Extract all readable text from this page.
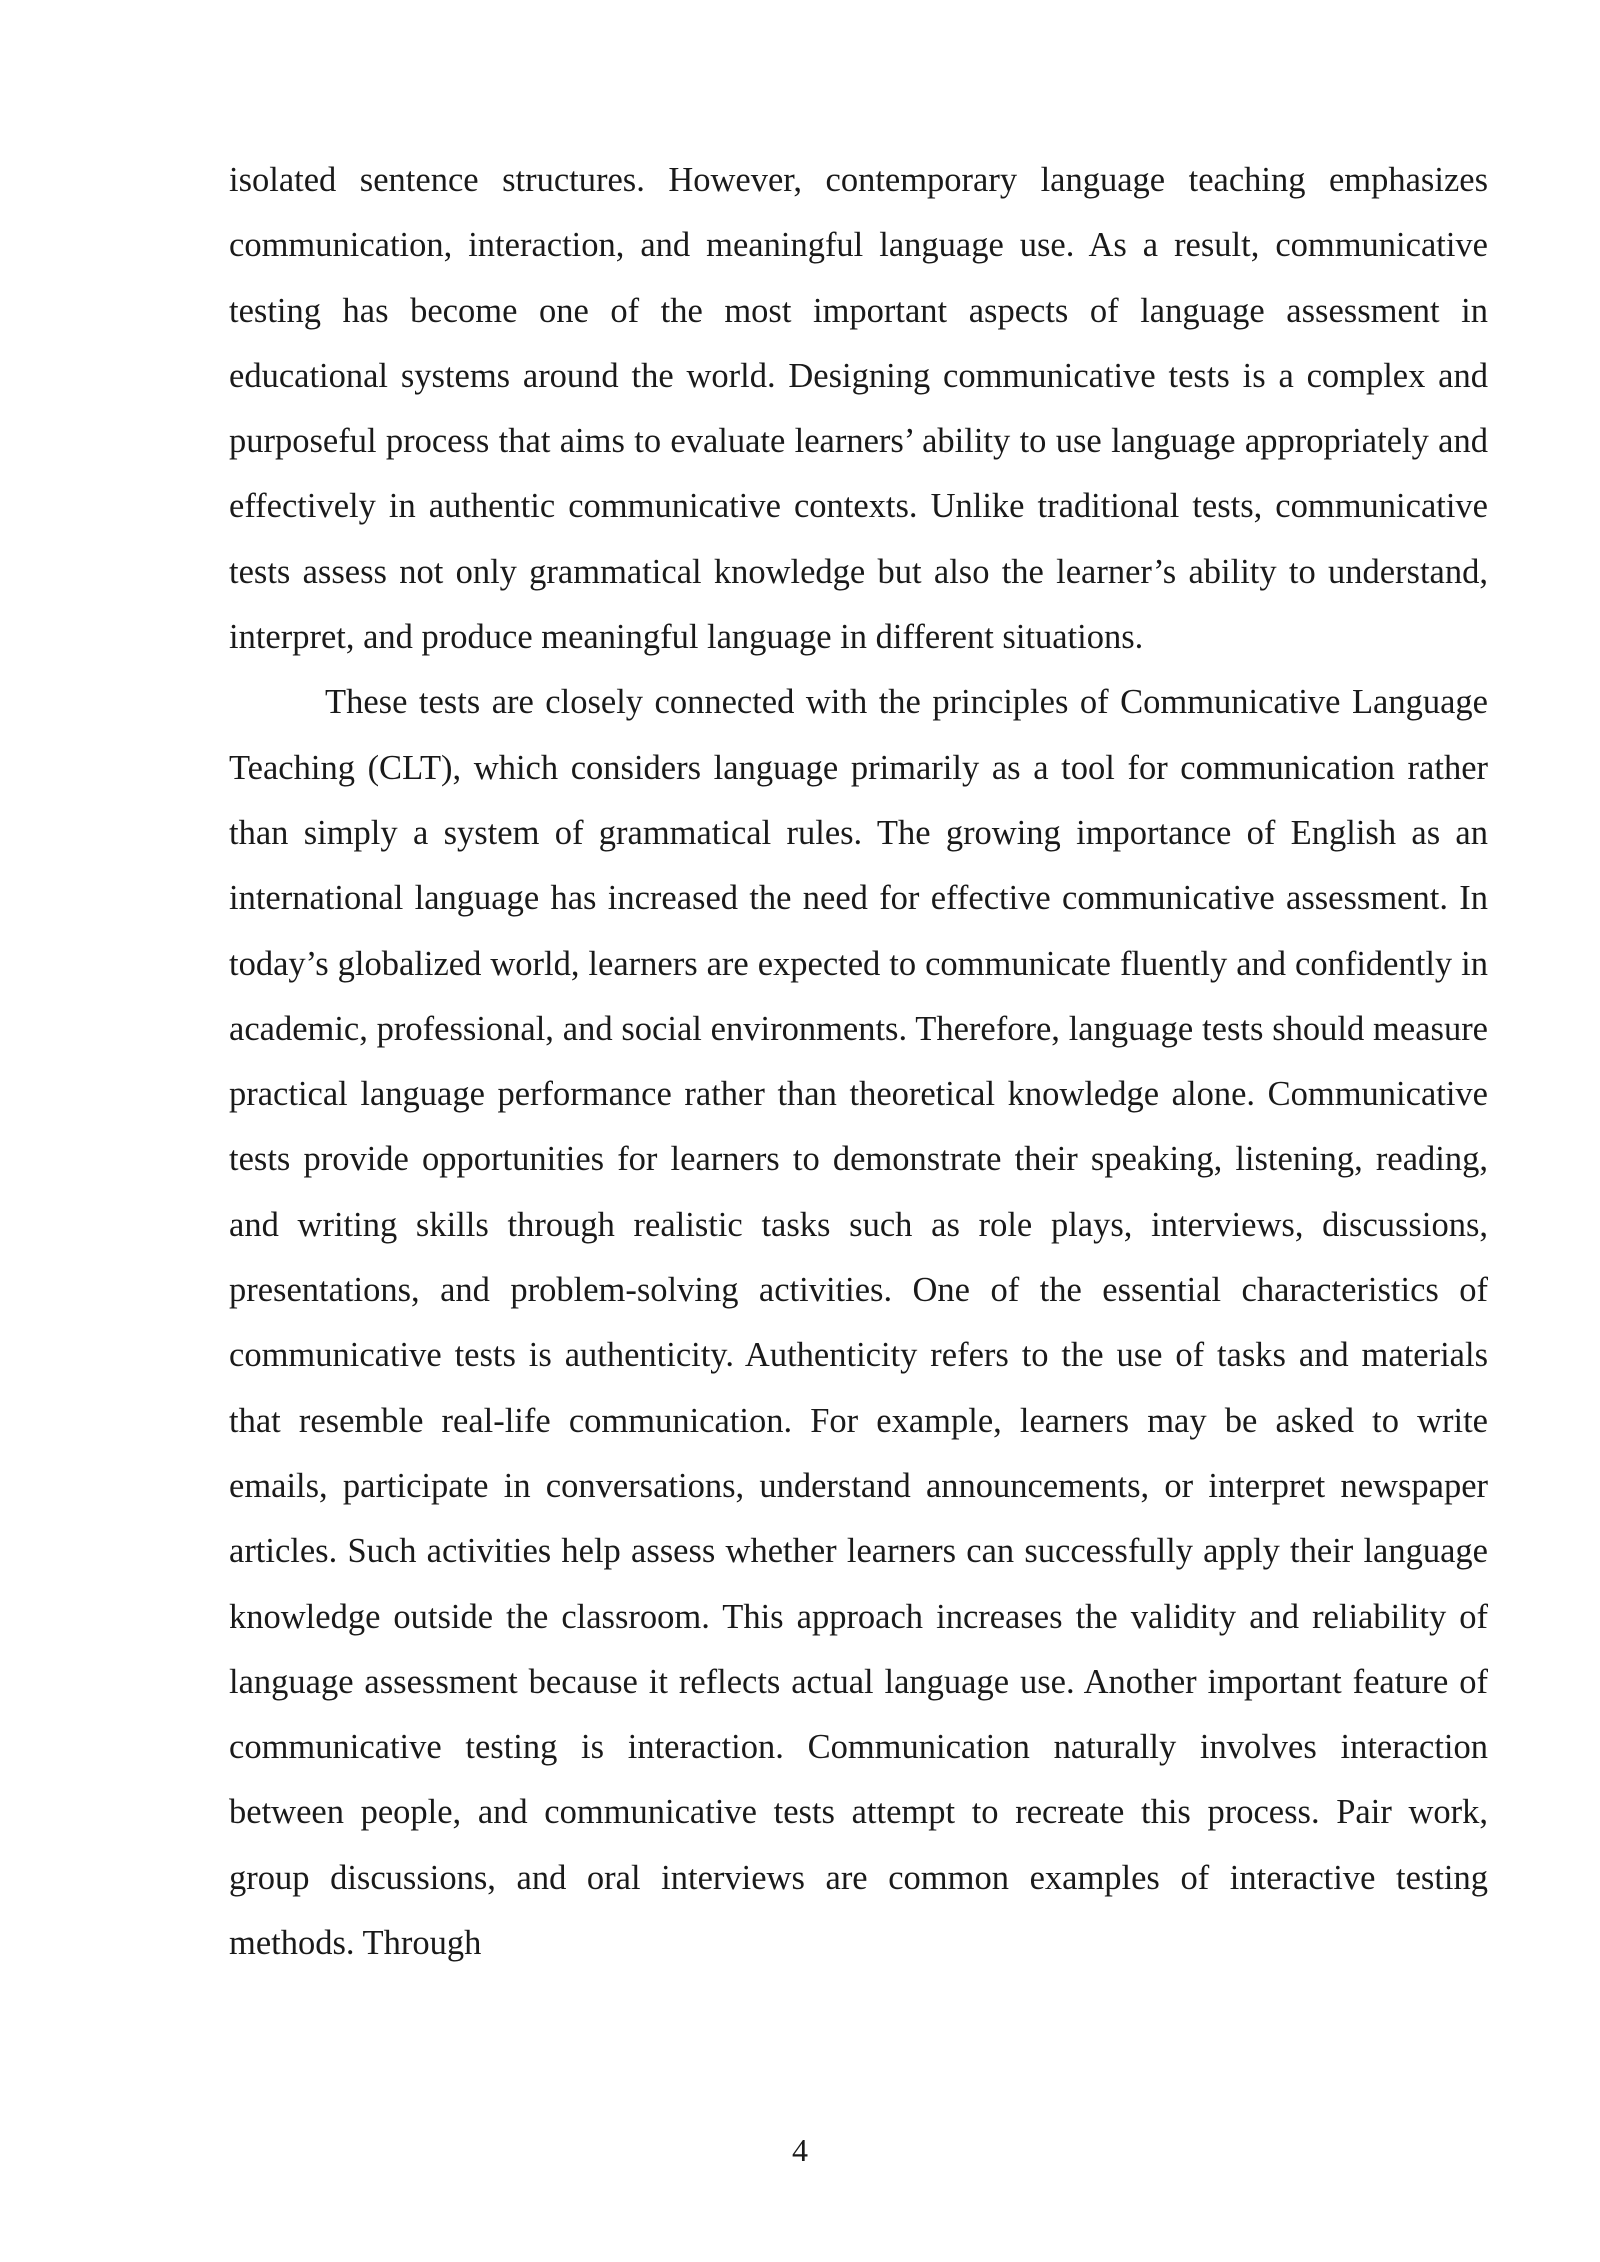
isolated sentence structures. However, contemporary language teaching emphasizes communication, interaction, and meaningful language use. As a result, communicative testing has become one of the most important aspects of language assessment in educational systems around the world. Designing communicative tests is a complex and purposeful process that aims to evaluate learners’ ability to use language appropriately and effectively in authentic communicative contexts. Unlike traditional tests, communicative tests assess not only grammatical knowledge but also the learner’s ability to understand, interpret, and produce meaningful language in different situations.

These tests are closely connected with the principles of Communicative Language Teaching (CLT), which considers language primarily as a tool for communication rather than simply a system of grammatical rules. The growing importance of English as an international language has increased the need for effective communicative assessment. In today’s globalized world, learners are expected to communicate fluently and confidently in academic, professional, and social environments. Therefore, language tests should measure practical language performance rather than theoretical knowledge alone. Communicative tests provide opportunities for learners to demonstrate their speaking, listening, reading, and writing skills through realistic tasks such as role plays, interviews, discussions, presentations, and problem-solving activities. One of the essential characteristics of communicative tests is authenticity. Authenticity refers to the use of tasks and materials that resemble real-life communication. For example, learners may be asked to write emails, participate in conversations, understand announcements, or interpret newspaper articles. Such activities help assess whether learners can successfully apply their language knowledge outside the classroom. This approach increases the validity and reliability of language assessment because it reflects actual language use. Another important feature of communicative testing is interaction. Communication naturally involves interaction between people, and communicative tests attempt to recreate this process. Pair work, group discussions, and oral interviews are common examples of interactive testing methods. Through

4
